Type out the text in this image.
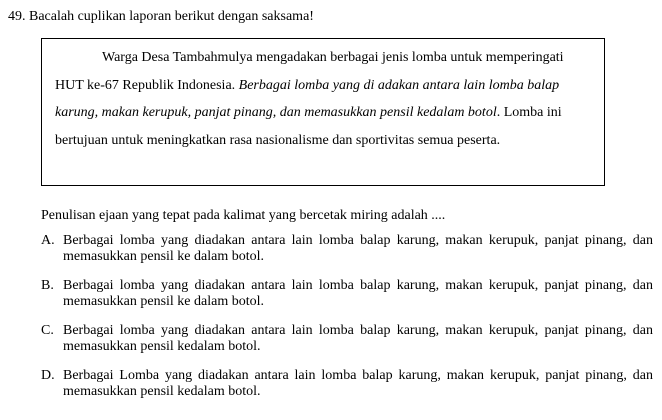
49. Bacalah cuplikan laporan berikut dengan saksama!

Warga Desa Tambahmulya mengadakan berbagai jenis lomba untuk memperingati HUT ke-67 Republik Indonesia. Berbagai lomba yang di adakan antara lain lomba balap karung, makan kerupuk, panjat pinang, dan memasukkan pensil kedalam botol. Lomba ini bertujuan untuk meningkatkan rasa nasionalisme dan sportivitas semua peserta.

Penulisan ejaan yang tepat pada kalimat yang bercetak miring adalah ....
A. Berbagai lomba yang diadakan antara lain lomba balap karung, makan kerupuk, panjat pinang, dan memasukkan pensil ke dalam botol.
B. Berbagai lomba yang diadakan antara lain lomba balap karung, makan kerupuk, panjat pinang, dan memasukkan pensil ke dalam botol.
C. Berbagai lomba yang diadakan antara lain lomba balap karung, makan kerupuk, panjat pinang, dan memasukkan pensil kedalam botol.
D. Berbagai Lomba yang diadakan antara lain lomba balap karung, makan kerupuk, panjat pinang, dan memasukkan pensil kedalam botol.
